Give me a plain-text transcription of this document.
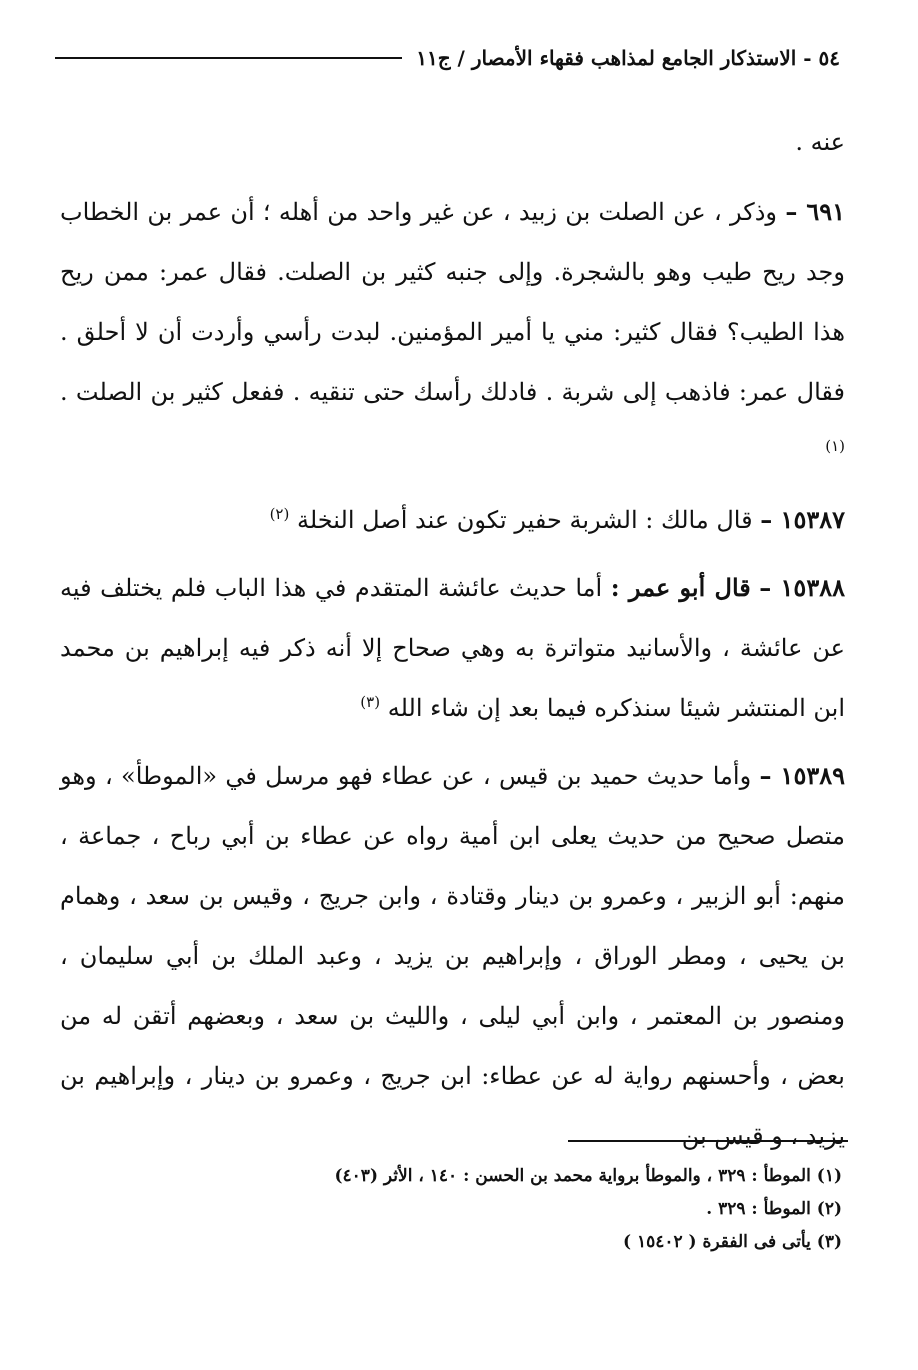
٥٤ - الاستذكار الجامع لمذاهب فقهاء الأمصار / ج١١

عنه .

٦٩١ – وذكر ، عن الصلت بن زبيد ، عن غير واحد من أهله ؛ أن عمر بن الخطاب وجد ريح طيب وهو بالشجرة. وإلى جنبه كثير بن الصلت. فقال عمر: ممن ريح هذا الطيب؟ فقال كثير: مني يا أمير المؤمنين. لبدت رأسي وأردت أن لا أحلق . فقال عمر: فاذهب إلى شربة . فادلك رأسك حتى تنقيه . ففعل كثير بن الصلت . $^{(١)}$

١٥٣٨٧ – قال مالك : الشربة حفير تكون عند أصل النخلة $^{(٢)}$

١٥٣٨٨ – قال أبو عمر : أما حديث عائشة المتقدم في هذا الباب فلم يختلف فيه عن عائشة ، والأسانيد متواترة به وهي صحاح إلا أنه ذكر فيه إبراهيم بن محمد ابن المنتشر شيئا سنذكره فيما بعد إن شاء الله $^{(٣)}$

١٥٣٨٩ – وأما حديث حميد بن قيس ، عن عطاء فهو مرسل في «الموطأ» ، وهو متصل صحيح من حديث يعلى ابن أمية رواه عن عطاء بن أبي رباح ، جماعة ، منهم: أبو الزبير ، وعمرو بن دينار وقتادة ، وابن جريج ، وقيس بن سعد ، وهمام بن يحيى ، ومطر الوراق ، وإبراهيم بن يزيد ، وعبد الملك بن أبي سليمان ، ومنصور بن المعتمر ، وابن أبي ليلى ، والليث بن سعد ، وبعضهم أتقن له من بعض ، وأحسنهم رواية له عن عطاء: ابن جريج ، وعمرو بن دينار ، وإبراهيم بن يزيد ، و قيس بن

(١) الموطأ : ٣٢٩ ، والموطأ برواية محمد بن الحسن : ١٤٠ ، الأثر (٤٠٣)
(٢) الموطأ : ٣٢٩ .
(٣) يأتى فى الفقرة ( ١٥٤٠٢ )
